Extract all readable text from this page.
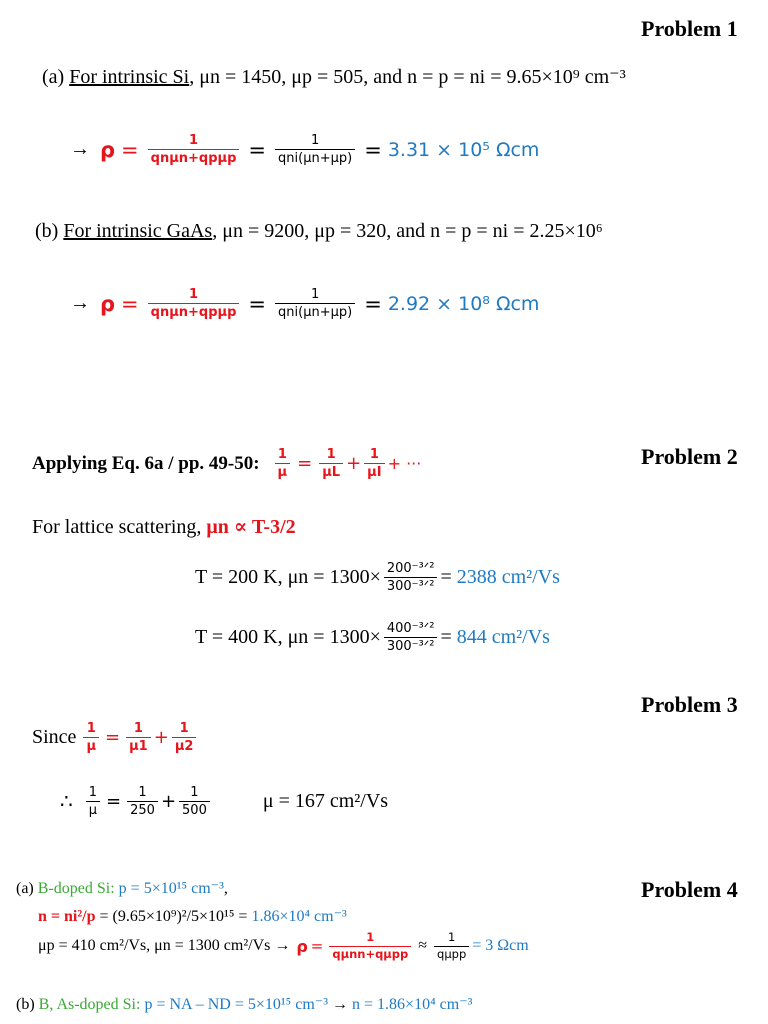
Problem 1
(a) For intrinsic Si, μn = 1450, μp = 505, and n = p = ni = 9.65×10⁹ cm⁻³
→ $\rho = \frac{1}{\text{qnμn+qpμp}} = \frac{1}{\text{qni(μn+μp)}} = 3.31 \times 10^5$ Ωcm
(b) For intrinsic GaAs, μn = 9200, μp = 320, and n = p = ni = 2.25×10⁶
→ $\rho = \frac{1}{\text{qnμn+qpμp}} = \frac{1}{\text{qni(μn+μp)}} = 2.92 \times 10^8$ Ωcm
Problem 2
Applying Eq. 6a / pp. 49-50: $\frac{1}{\mu} = \frac{1}{\mu L} + \frac{1}{\mu I}$ + ···
For lattice scattering, μn ∝ T-3/2
T = 200 K, $\mu n = 1300\times \frac{\text{200⁻³ᐟ²}}{\text{300⁻³ᐟ²}} = 2388$ cm²/Vs
T = 400 K, $\mu n = 1300\times \frac{\text{400⁻³ᐟ²}}{\text{300⁻³ᐟ²}} = 844$ cm²/Vs
Problem 3
Since $\frac{1}{\mu} = \frac{1}{\mu 1} + \frac{1}{\mu 2}$
∴ $\frac{1}{\mu} = \frac{1}{250} + \frac{1}{500}$	μ = 167 cm²/Vs
Problem 4
(a) B-doped Si: p = 5×10¹⁵ cm⁻³,
n = ni²/p = (9.65×10⁹)²/5×10¹⁵ = 1.86×10⁴ cm⁻³
μp = 410 cm²/Vs, μn = 1300 $cm^2/Vs \to \rho = \frac{1}{\text{qμnn+qμpp}} \approx \frac{1}{\text{qμpp}} = 3$ Ωcm
(b) B, As-doped Si: p = NA – ND = 5×10¹⁵ cm⁻³ → n = 1.86×10⁴ cm⁻³
